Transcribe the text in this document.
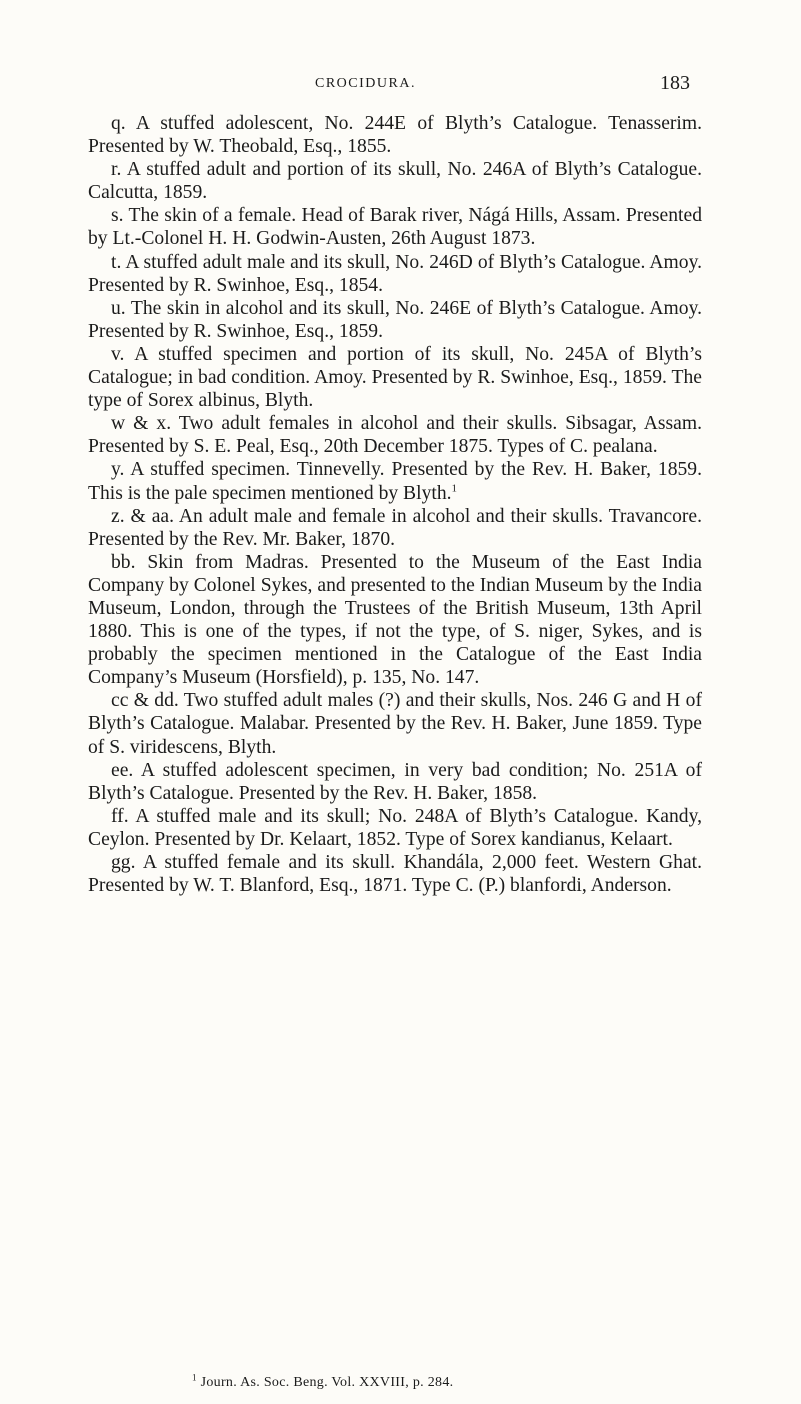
CROCIDURA.	183

q. A stuffed adolescent, No. 244E of Blyth’s Catalogue. Tenasserim. Presented by W. Theobald, Esq., 1855.

r. A stuffed adult and portion of its skull, No. 246A of Blyth’s Catalogue. Calcutta, 1859.

s. The skin of a female. Head of Barak river, Nágá Hills, Assam. Presented by Lt.-Colonel H. H. Godwin-Austen, 26th August 1873.

t. A stuffed adult male and its skull, No. 246D of Blyth’s Catalogue. Amoy. Presented by R. Swinhoe, Esq., 1854.

u. The skin in alcohol and its skull, No. 246E of Blyth’s Catalogue. Amoy. Presented by R. Swinhoe, Esq., 1859.

v. A stuffed specimen and portion of its skull, No. 245A of Blyth’s Catalogue; in bad condition. Amoy. Presented by R. Swinhoe, Esq., 1859. The type of Sorex albinus, Blyth.

w & x. Two adult females in alcohol and their skulls. Sibsagar, Assam. Presented by S. E. Peal, Esq., 20th December 1875. Types of C. pealana.

y. A stuffed specimen. Tinnevelly. Presented by the Rev. H. Baker, 1859. This is the pale specimen mentioned by Blyth.$^1$

z. & aa. An adult male and female in alcohol and their skulls. Travancore. Presented by the Rev. Mr. Baker, 1870.

bb. Skin from Madras. Presented to the Museum of the East India Company by Colonel Sykes, and presented to the Indian Museum by the India Museum, London, through the Trustees of the British Museum, 13th April 1880. This is one of the types, if not the type, of S. niger, Sykes, and is probably the specimen mentioned in the Catalogue of the East India Company’s Museum (Horsfield), p. 135, No. 147.

cc & dd. Two stuffed adult males (?) and their skulls, Nos. 246 G and H of Blyth’s Catalogue. Malabar. Presented by the Rev. H. Baker, June 1859. Type of S. viridescens, Blyth.

ee. A stuffed adolescent specimen, in very bad condition; No. 251A of Blyth’s Catalogue. Presented by the Rev. H. Baker, 1858.

ff. A stuffed male and its skull; No. 248A of Blyth’s Catalogue. Kandy, Ceylon. Presented by Dr. Kelaart, 1852. Type of Sorex kandianus, Kelaart.

gg. A stuffed female and its skull. Khandála, 2,000 feet. Western Ghat. Presented by W. T. Blanford, Esq., 1871. Type C. (P.) blanfordi, Anderson.

$^1$ Journ. As. Soc. Beng. Vol. XXVIII, p. 284.
